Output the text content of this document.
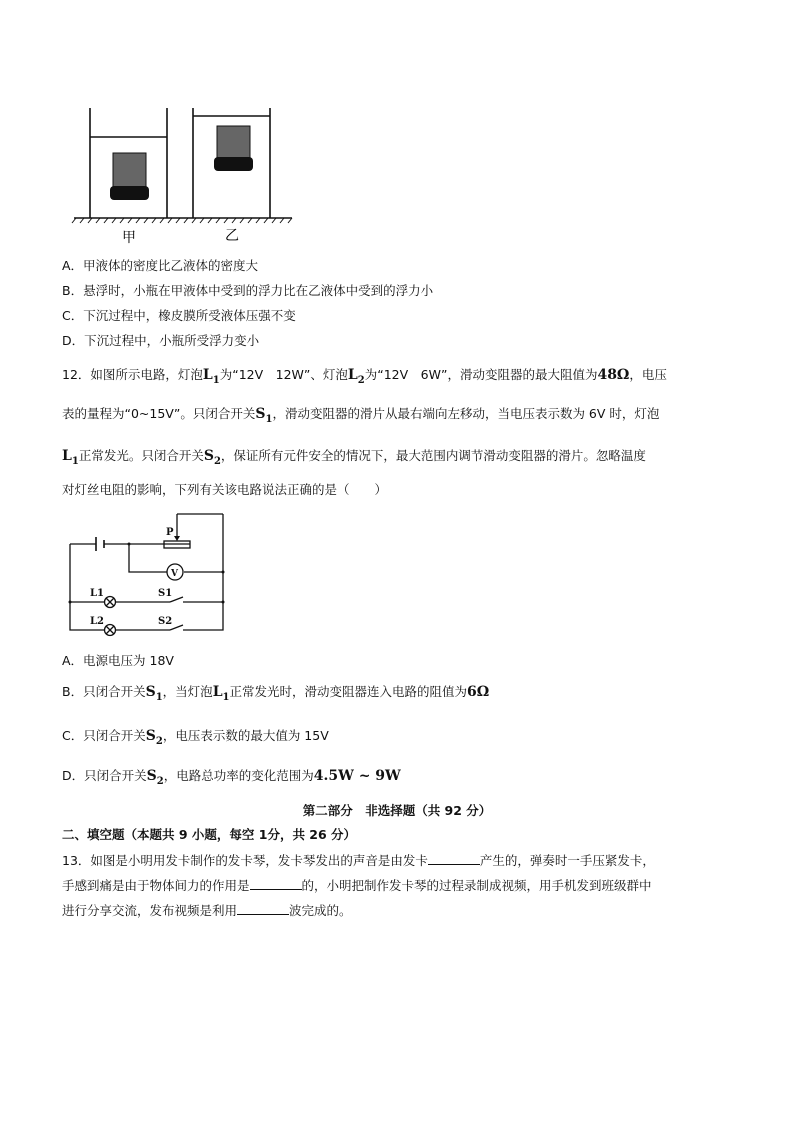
甲	乙
A．甲液体的密度比乙液体的密度大
B．悬浮时，小瓶在甲液体中受到的浮力比在乙液体中受到的浮力小
C．下沉过程中，橡皮膜所受液体压强不变
D．下沉过程中，小瓶所受浮力变小
12．如图所示电路，灯泡$L_1$为“12V　12W”、灯泡$L_2$为“12V　6W”，滑动变阻器的最大阻值为48Ω，电压
表的量程为“0~15V”。只闭合开关$S_1$，滑动变阻器的滑片从最右端向左移动，当电压表示数为 6V 时，灯泡
$L_1$正常发光。只闭合开关$S_2$，保证所有元件安全的情况下，最大范围内调节滑动变阻器的滑片。忽略温度
对灯丝电阻的影响，下列有关该电路说法正确的是（　　）
P
V
L1
L2
S1
S2
A．电源电压为 18V
B．只闭合开关$S_1$，当灯泡$L_1$正常发光时，滑动变阻器连入电路的阻值为6Ω
C．只闭合开关$S_2$，电压表示数的最大值为 15V
D．只闭合开关$S_2$，电路总功率的变化范围为4.5W ~ 9W
第二部分　非选择题（共 92 分）
二、填空题（本题共 9 小题，每空 1分，共 26 分）
13．如图是小明用发卡制作的发卡琴，发卡琴发出的声音是由发卡	产生的，弹奏时一手压紧发卡，
手感到痛是由于物体间力的作用是	的，小明把制作发卡琴的过程录制成视频，用手机发到班级群中
进行分享交流，发布视频是利用	波完成的。
